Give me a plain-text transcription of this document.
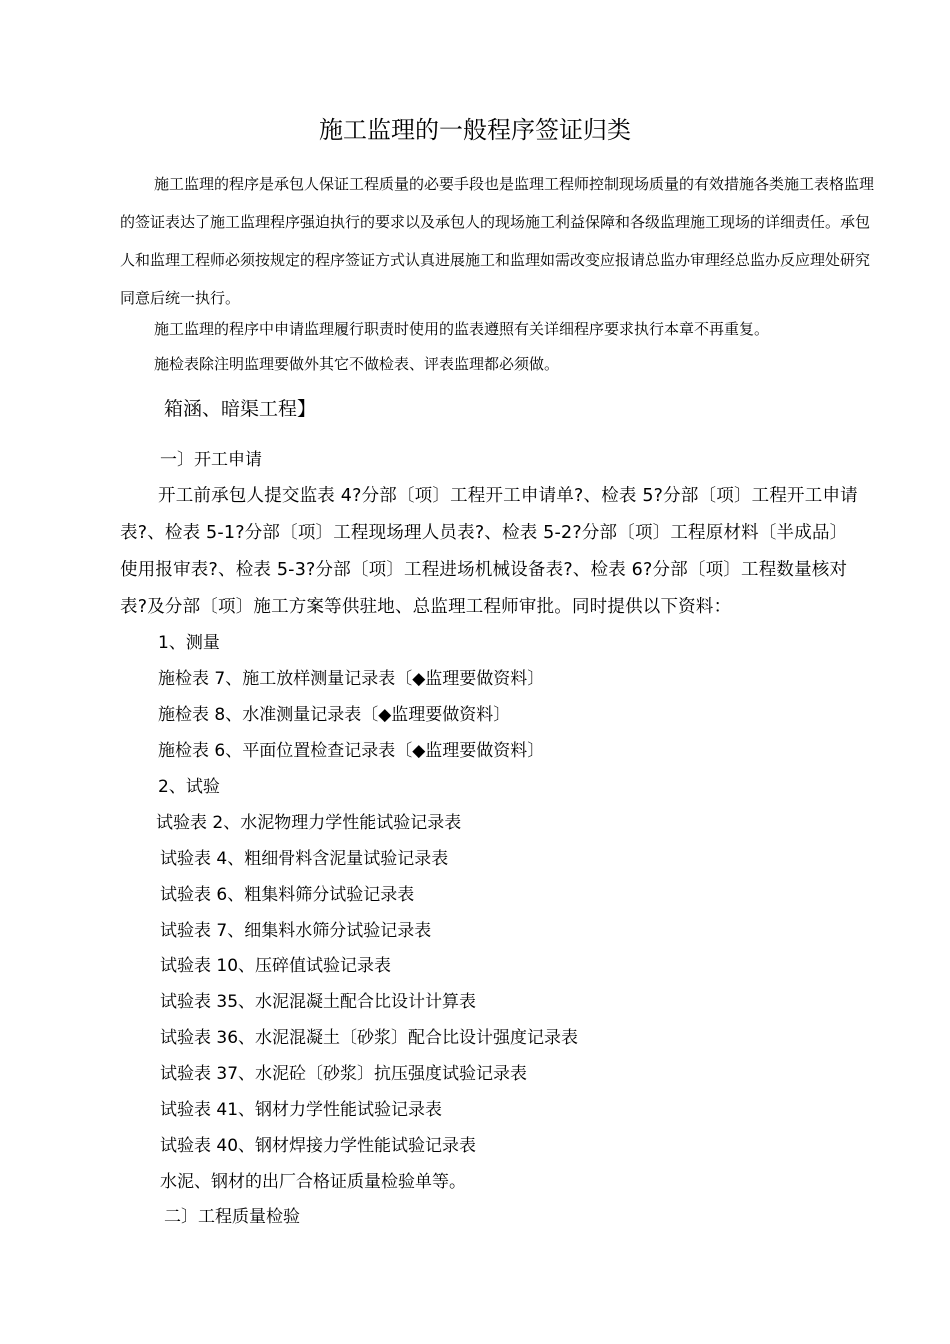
施工监理的一般程序签证归类

施工监理的程序是承包人保证工程质量的必要手段也是监理工程师控制现场质量的有效措施各类施工表格监理的签证表达了施工监理程序强迫执行的要求以及承包人的现场施工利益保障和各级监理施工现场的详细责任。承包人和监理工程师必须按规定的程序签证方式认真进展施工和监理如需改变应报请总监办审理经总监办反应理处研究同意后统一执行。

施工监理的程序中申请监理履行职责时使用的监表遵照有关详细程序要求执行本章不再重复。

施检表除注明监理要做外其它不做检表、评表监理都必须做。

箱涵、暗渠工程】
一〕开工申请

开工前承包人提交监表 4?分部〔项〕工程开工申请单?、检表 5?分部〔项〕工程开工申请表?、检表 5-1?分部〔项〕工程现场理人员表?、检表 5-2?分部〔项〕工程原材料〔半成品〕使用报审表?、检表 5-3?分部〔项〕工程进场机械设备表?、检表 6?分部〔项〕工程数量核对表?及分部〔项〕施工方案等供驻地、总监理工程师审批。同时提供以下资料：

1、测量
施检表 7、施工放样测量记录表〔◆监理要做资料〕
施检表 8、水准测量记录表〔◆监理要做资料〕
施检表 6、平面位置检查记录表〔◆监理要做资料〕
2、试验
试验表 2、水泥物理力学性能试验记录表
试验表 4、粗细骨料含泥量试验记录表
试验表 6、粗集料筛分试验记录表
试验表 7、细集料水筛分试验记录表
试验表 10、压碎值试验记录表
试验表 35、水泥混凝土配合比设计计算表
试验表 36、水泥混凝土〔砂浆〕配合比设计强度记录表
试验表 37、水泥砼〔砂浆〕抗压强度试验记录表
试验表 41、钢材力学性能试验记录表
试验表 40、钢材焊接力学性能试验记录表
水泥、钢材的出厂合格证质量检验单等。
二〕工程质量检验
